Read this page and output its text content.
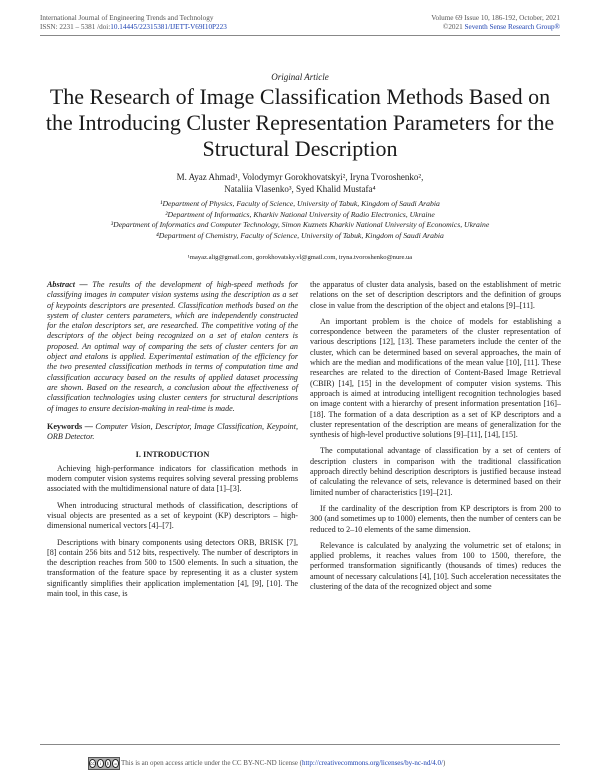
International Journal of Engineering Trends and Technology
ISSN: 2231 – 5381 /doi:10.14445/22315381/IJETT-V69I10P223
Volume 69 Issue 10, 186-192, October, 2021
©2021 Seventh Sense Research Group®
Original Article
The Research of Image Classification Methods Based on the Introducing Cluster Representation Parameters for the Structural Description
M. Ayaz Ahmad¹, Volodymyr Gorokhovatskyi², Iryna Tvoroshenko²,
Nataliia Vlasenko³, Syed Khalid Mustafa⁴
¹Department of Physics, Faculty of Science, University of Tabuk, Kingdom of Saudi Arabia
²Department of Informatics, Kharkiv National University of Radio Electronics, Ukraine
³Department of Informatics and Computer Technology, Simon Kuznets Kharkiv National University of Economics, Ukraine
⁴Department of Chemistry, Faculty of Science, University of Tabuk, Kingdom of Saudi Arabia
¹mayaz.alig@gmail.com, gorokhovatsky.vl@gmail.com, iryna.tvoroshenko@nure.ua

Abstract — The results of the development of high-speed methods for classifying images in computer vision systems using the description as a set of keypoints descriptors are presented. Classification methods based on the system of cluster centers parameters, which are independently constructed for the etalon descriptors set, are researched. The competitive voting of the descriptors of the object being recognized on a set of etalon centers is proposed. An optimal way of comparing the sets of cluster centers for an object and etalons is applied. Experimental estimation of the efficiency for the two presented classification methods in terms of computation time and classification accuracy based on the results of applied dataset processing are shown. Based on the research, a conclusion about the effectiveness of classification technologies using cluster centers for structural descriptions of images to ensure decision-making in real-time is made.

Keywords — Computer Vision, Descriptor, Image Classification, Keypoint, ORB Detector.

I. INTRODUCTION

Achieving high-performance indicators for classification methods in modern computer vision systems requires solving several pressing problems associated with the multidimensional nature of data [1]–[3].

When introducing structural methods of classification, descriptions of visual objects are presented as a set of keypoint (KP) descriptors – high-dimensional numerical vectors [4]–[7].

Descriptions with binary components using detectors ORB, BRISK [7], [8] contain 256 bits and 512 bits, respectively. The number of descriptors in the description reaches from 500 to 1500 elements. In such a situation, the transformation of the feature space by representing it as a cluster system significantly simplifies their application implementation [4], [9], [10]. The main tool, in this case, is

the apparatus of cluster data analysis, based on the establishment of metric relations on the set of description descriptors and the definition of groups close in value from the description of the object and etalons [9]–[11].

An important problem is the choice of models for establishing a correspondence between the parameters of the cluster representation of various descriptions [12], [13]. These parameters include the center of the cluster, which can be determined based on several approaches, the main of which are the median and modifications of the mean value [10], [11]. These researches are related to the direction of Content-Based Image Retrieval (CBIR) [14], [15] in the development of computer vision systems. This approach is aimed at introducing intelligent recognition technologies based on image content with a hierarchy of present information presentation [16]–[18]. The formation of a data description as a set of KP descriptors and a cluster representation of the description are means of generalization for the synthesis of high-level productive solutions [9]–[11], [14], [15].

The computational advantage of classification by a set of centers of description clusters in comparison with the traditional classification approach directly behind description descriptors is justified because instead of calculating the relevance of sets, relevance is determined based on their limited number of characteristics [19]–[21].

If the cardinality of the description from KP descriptors is from 200 to 300 (and sometimes up to 1000) elements, then the number of centers can be reduced to 2–10 elements of the same dimension.

Relevance is calculated by analyzing the volumetric set of etalons; in applied problems, it reaches values from 100 to 1500, therefore, the performed transformation significantly (thousands of times) reduces the amount of necessary calculations [4], [10]. Such acceleration necessitates the clustering of the data of the recognized object and some

cc	i	$	= This is an open access article under the CC BY-NC-ND license (http://creativecommons.org/licenses/by-nc-nd/4.0/)
